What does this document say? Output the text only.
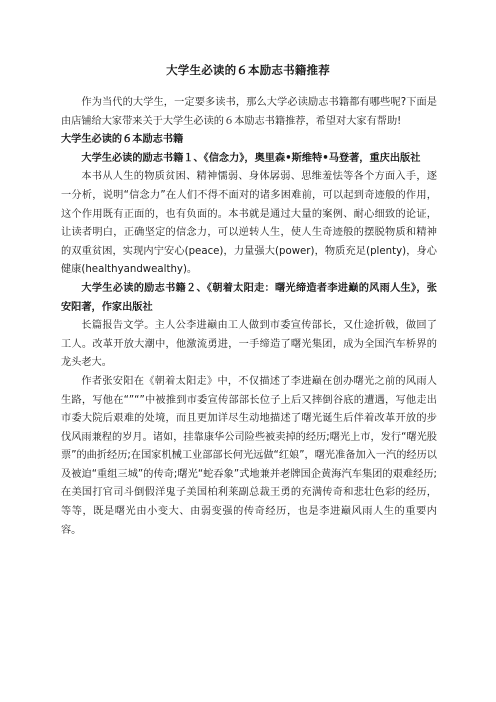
大学生必读的６本励志书籍推荐

作为当代的大学生，一定要多读书，那么大学必读励志书籍都有哪些呢?下面是由店铺给大家带来关于大学生必读的６本励志书籍推荐，希望对大家有帮助!

大学生必读的６本励志书籍

大学生必读的励志书籍１、《信念力》，奥里森•斯维特•马登著，重庆出版社

本书从人生的物质贫困、精神懦弱、身体孱弱、思维羞怯等各个方面入手，逐一分析，说明“信念力”在人们不得不面对的诸多困难前，可以起到奇迹般的作用，这个作用既有正面的，也有负面的。本书就是通过大量的案例、耐心细致的论证，让读者明白，正确坚定的信念力，可以逆转人生，使人生奇迹般的摆脱物质和精神的双重贫困，实现内宁安心(peace)，力量强大(power)，物质充足(plenty)，身心健康(healthyandwealthy)。

大学生必读的励志书籍２、《朝着太阳走：曙光缔造者李进巅的风雨人生》，张安阳著，作家出版社

长篇报告文学。主人公李进巅由工人做到市委宣传部长，又仕途折戟，做回了工人。改革开放大潮中，他激流勇进，一手缔造了曙光集团，成为全国汽车桥界的龙头老大。

作者张安阳在《朝着太阳走》中，不仅描述了李进巅在创办曙光之前的风雨人生路，写他在“”“”中被推到市委宣传部部长位子上后又摔倒谷底的遭遇，写他走出市委大院后艰难的处境，而且更加详尽生动地描述了曙光诞生后伴着改革开放的步伐风雨兼程的岁月。诸如，挂靠康华公司险些被卖掉的经历;曙光上市，发行“曙光股票”的曲折经历;在国家机械工业部部长何光远做“红娘”，曙光准备加入一汽的经历以及被迫“重组三城”的传奇;曙光“蛇吞象”式地兼并老牌国企黄海汽车集团的艰难经历;在美国打官司斗倒假洋鬼子美国柏利莱副总裁王勇的充满传奇和悲壮色彩的经历，等等，既是曙光由小变大、由弱变强的传奇经历，也是李进巅风雨人生的重要内容。
